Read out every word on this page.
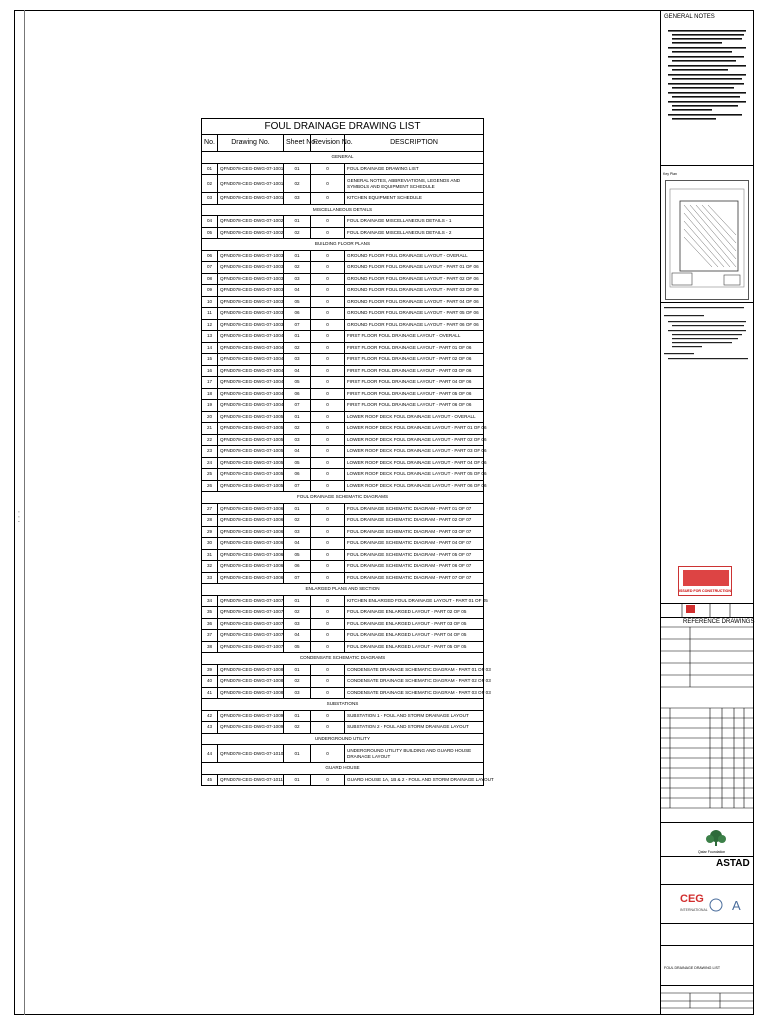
▪ ▪ ▪
FOUL DRAINAGE DRAWING LIST				
No.	Drawing No.	Sheet No.	Revision No.	DESCRIPTION
GENERAL				
01	QFND078-CEG-DWG-07-1001	01	0	FOUL DRAINAGE DRAWING LIST
02	QFND078-CEG-DWG-07-1001	02	0	GENERAL NOTES, ABBREVIATIONS, LEGENDS AND SYMBOLS AND EQUIPMENT SCHEDULE
03	QFND078-CEG-DWG-07-1001	03	0	KITCHEN EQUIPMENT SCHEDULE
MISCELLANEOUS DETAILS				
04	QFND078-CEG-DWG-07-1002	01	0	FOUL DRAINAGE MISCELLANEOUS DETAILS - 1
05	QFND078-CEG-DWG-07-1002	02	0	FOUL DRAINAGE MISCELLANEOUS DETAILS - 2
BUILDING FLOOR PLANS				
06	QFND078-CEG-DWG-07-1003	01	0	GROUND FLOOR FOUL DRAINAGE LAYOUT - OVERALL
07	QFND078-CEG-DWG-07-1003	02	0	GROUND FLOOR FOUL DRAINAGE LAYOUT - PART 01 OF 06
08	QFND078-CEG-DWG-07-1003	03	0	GROUND FLOOR FOUL DRAINAGE LAYOUT - PART 02 OF 06
09	QFND078-CEG-DWG-07-1003	04	0	GROUND FLOOR FOUL DRAINAGE LAYOUT - PART 03 OF 06
10	QFND078-CEG-DWG-07-1003	05	0	GROUND FLOOR FOUL DRAINAGE LAYOUT - PART 04 OF 06
11	QFND078-CEG-DWG-07-1003	06	0	GROUND FLOOR FOUL DRAINAGE LAYOUT - PART 05 OF 06
12	QFND078-CEG-DWG-07-1003	07	0	GROUND FLOOR FOUL DRAINAGE LAYOUT - PART 06 OF 06
13	QFND078-CEG-DWG-07-1004	01	0	FIRST FLOOR FOUL DRAINAGE LAYOUT - OVERALL
14	QFND078-CEG-DWG-07-1004	02	0	FIRST FLOOR FOUL DRAINAGE LAYOUT - PART 01 OF 06
15	QFND078-CEG-DWG-07-1004	03	0	FIRST FLOOR FOUL DRAINAGE LAYOUT - PART 02 OF 06
16	QFND078-CEG-DWG-07-1004	04	0	FIRST FLOOR FOUL DRAINAGE LAYOUT - PART 03 OF 06
17	QFND078-CEG-DWG-07-1004	05	0	FIRST FLOOR FOUL DRAINAGE LAYOUT - PART 04 OF 06
18	QFND078-CEG-DWG-07-1004	06	0	FIRST FLOOR FOUL DRAINAGE LAYOUT - PART 05 OF 06
19	QFND078-CEG-DWG-07-1004	07	0	FIRST FLOOR FOUL DRAINAGE LAYOUT - PART 06 OF 06
20	QFND078-CEG-DWG-07-1005	01	0	LOWER ROOF DECK FOUL DRAINAGE LAYOUT - OVERALL
21	QFND078-CEG-DWG-07-1005	02	0	LOWER ROOF DECK FOUL DRAINAGE LAYOUT - PART 01 OF 06
22	QFND078-CEG-DWG-07-1005	03	0	LOWER ROOF DECK FOUL DRAINAGE LAYOUT - PART 02 OF 06
23	QFND078-CEG-DWG-07-1005	04	0	LOWER ROOF DECK FOUL DRAINAGE LAYOUT - PART 03 OF 06
24	QFND078-CEG-DWG-07-1005	05	0	LOWER ROOF DECK FOUL DRAINAGE LAYOUT - PART 04 OF 06
25	QFND078-CEG-DWG-07-1005	06	0	LOWER ROOF DECK FOUL DRAINAGE LAYOUT - PART 05 OF 06
26	QFND078-CEG-DWG-07-1005	07	0	LOWER ROOF DECK FOUL DRAINAGE LAYOUT - PART 06 OF 06
FOUL DRAINAGE SCHEMATIC DIAGRAMS				
27	QFND078-CEG-DWG-07-1006	01	0	FOUL DRAINAGE SCHEMATIC DIAGRAM - PART 01 OF 07
28	QFND078-CEG-DWG-07-1006	02	0	FOUL DRAINAGE SCHEMATIC DIAGRAM - PART 02 OF 07
29	QFND078-CEG-DWG-07-1006	03	0	FOUL DRAINAGE SCHEMATIC DIAGRAM - PART 03 OF 07
30	QFND078-CEG-DWG-07-1006	04	0	FOUL DRAINAGE SCHEMATIC DIAGRAM - PART 04 OF 07
31	QFND078-CEG-DWG-07-1006	05	0	FOUL DRAINAGE SCHEMATIC DIAGRAM - PART 05 OF 07
32	QFND078-CEG-DWG-07-1006	06	0	FOUL DRAINAGE SCHEMATIC DIAGRAM - PART 06 OF 07
33	QFND078-CEG-DWG-07-1006	07	0	FOUL DRAINAGE SCHEMATIC DIAGRAM - PART 07 OF 07
ENLARGED PLANS AND SECTION				
34	QFND078-CEG-DWG-07-1007	01	0	KITCHEN ENLARGED FOUL DRAINAGE LAYOUT - PART 01 OF 05
35	QFND078-CEG-DWG-07-1007	02	0	FOUL DRAINAGE ENLARGED LAYOUT - PART 02 OF 05
36	QFND078-CEG-DWG-07-1007	03	0	FOUL DRAINAGE ENLARGED LAYOUT - PART 03 OF 05
37	QFND078-CEG-DWG-07-1007	04	0	FOUL DRAINAGE ENLARGED LAYOUT - PART 04 OF 05
38	QFND078-CEG-DWG-07-1007	05	0	FOUL DRAINAGE ENLARGED LAYOUT - PART 05 OF 05
CONDENSATE SCHEMATIC DIAGRAMS				
39	QFND078-CEG-DWG-07-1008	01	0	CONDENSATE DRAINAGE SCHEMATIC DIAGRAM - PART 01 OF 03
40	QFND078-CEG-DWG-07-1008	02	0	CONDENSATE DRAINAGE SCHEMATIC DIAGRAM - PART 02 OF 03
41	QFND078-CEG-DWG-07-1008	03	0	CONDENSATE DRAINAGE SCHEMATIC DIAGRAM - PART 03 OF 03
SUBSTATIONS				
42	QFND078-CEG-DWG-07-1009	01	0	SUBSTATION 1 - FOUL AND STORM DRAINAGE LAYOUT
43	QFND078-CEG-DWG-07-1009	02	0	SUBSTATION 2 - FOUL AND STORM DRAINAGE LAYOUT
UNDERGROUND UTILITY				
44	QFND078-CEG-DWG-07-1010	01	0	UNDERGROUND UTILITY BUILDING AND GUARD HOUSE DRAINAGE LAYOUT
GUARD HOUSE				
45	QFND078-CEG-DWG-07-1011	01	0	GUARD HOUSE 1A, 1B & 2 - FOUL AND STORM DRAINAGE LAYOUT
GENERAL NOTES
Key Plan
ISSUED FOR CONSTRUCTION
REFERENCE DRAWINGS
Qatar Foundation
ASTAD
CEG
INTERNATIONAL A
FOUL DRAINAGE DRAWING LIST
